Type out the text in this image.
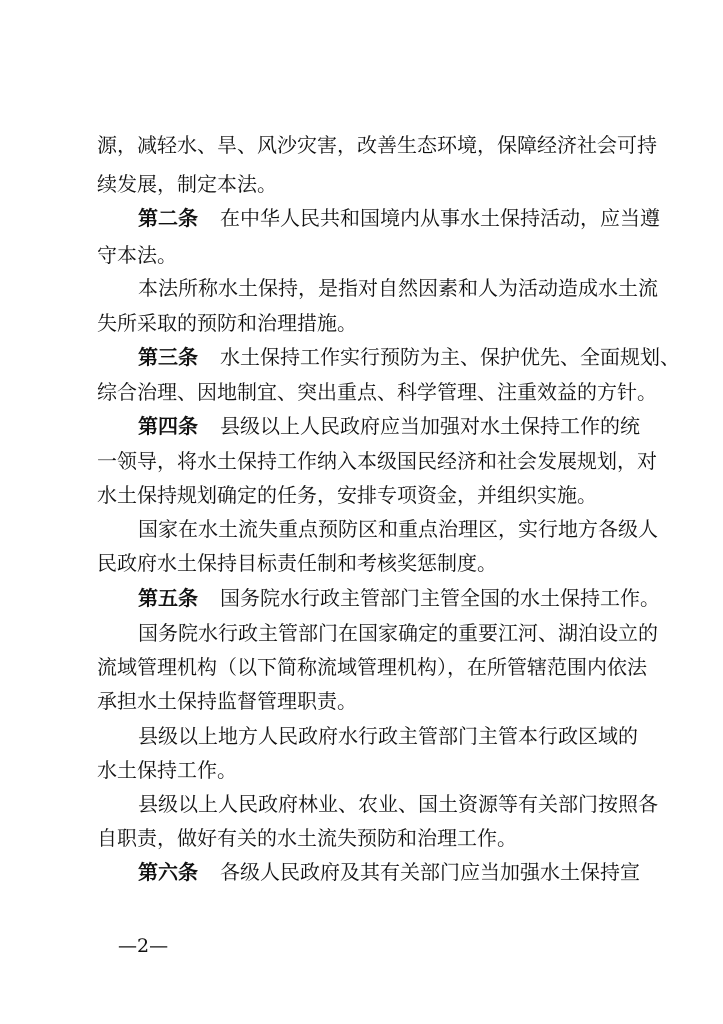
源，减轻水、旱、风沙灾害，改善生态环境，保障经济社会可持
续发展，制定本法。
第二条 在中华人民共和国境内从事水土保持活动，应当遵
守本法。
本法所称水土保持，是指对自然因素和人为活动造成水土流
失所采取的预防和治理措施。
第三条 水土保持工作实行预防为主、保护优先、全面规划、
综合治理、因地制宜、突出重点、科学管理、注重效益的方针。
第四条 县级以上人民政府应当加强对水土保持工作的统
一领导，将水土保持工作纳入本级国民经济和社会发展规划，对
水土保持规划确定的任务，安排专项资金，并组织实施。
国家在水土流失重点预防区和重点治理区，实行地方各级人
民政府水土保持目标责任制和考核奖惩制度。
第五条 国务院水行政主管部门主管全国的水土保持工作。
国务院水行政主管部门在国家确定的重要江河、湖泊设立的
流域管理机构（以下简称流域管理机构），在所管辖范围内依法
承担水土保持监督管理职责。
县级以上地方人民政府水行政主管部门主管本行政区域的
水土保持工作。
县级以上人民政府林业、农业、国土资源等有关部门按照各
自职责，做好有关的水土流失预防和治理工作。
第六条 各级人民政府及其有关部门应当加强水土保持宣
—2—
